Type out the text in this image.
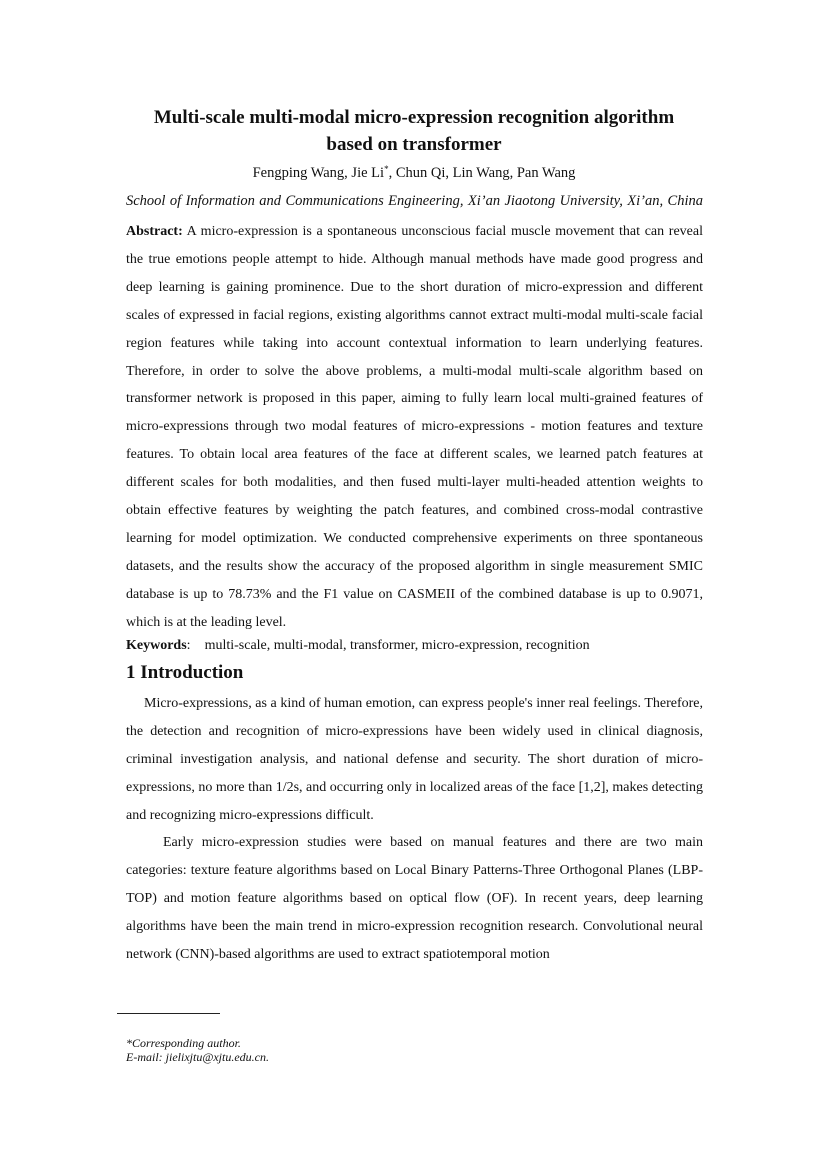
Multi-scale multi-modal micro-expression recognition algorithm
based on transformer
Fengping Wang, Jie Li*, Chun Qi, Lin Wang, Pan Wang
School of Information and Communications Engineering, Xi’an Jiaotong University, Xi’an, China
Abstract: A micro-expression is a spontaneous unconscious facial muscle movement that can reveal the true emotions people attempt to hide. Although manual methods have made good progress and deep learning is gaining prominence. Due to the short duration of micro-expression and different scales of expressed in facial regions, existing algorithms cannot extract multi-modal multi-scale facial region features while taking into account contextual information to learn underlying features. Therefore, in order to solve the above problems, a multi-modal multi-scale algorithm based on transformer network is proposed in this paper, aiming to fully learn local multi-grained features of micro-expressions through two modal features of micro-expressions - motion features and texture features. To obtain local area features of the face at different scales, we learned patch features at different scales for both modalities, and then fused multi-layer multi-headed attention weights to obtain effective features by weighting the patch features, and combined cross-modal contrastive learning for model optimization. We conducted comprehensive experiments on three spontaneous datasets, and the results show the accuracy of the proposed algorithm in single measurement SMIC database is up to 78.73% and the F1 value on CASMEII of the combined database is up to 0.9071, which is at the leading level.
Keywords: multi-scale, multi-modal, transformer, micro-expression, recognition
1 Introduction
Micro-expressions, as a kind of human emotion, can express people's inner real feelings. Therefore, the detection and recognition of micro-expressions have been widely used in clinical diagnosis, criminal investigation analysis, and national defense and security. The short duration of micro-expressions, no more than 1/2s, and occurring only in localized areas of the face [1,2], makes detecting and recognizing micro-expressions difficult.
Early micro-expression studies were based on manual features and there are two main categories: texture feature algorithms based on Local Binary Patterns-Three Orthogonal Planes (LBP-TOP) and motion feature algorithms based on optical flow (OF). In recent years, deep learning algorithms have been the main trend in micro-expression recognition research. Convolutional neural network (CNN)-based algorithms are used to extract spatiotemporal motion
*Corresponding author.
E-mail: jielixjtu@xjtu.edu.cn.
